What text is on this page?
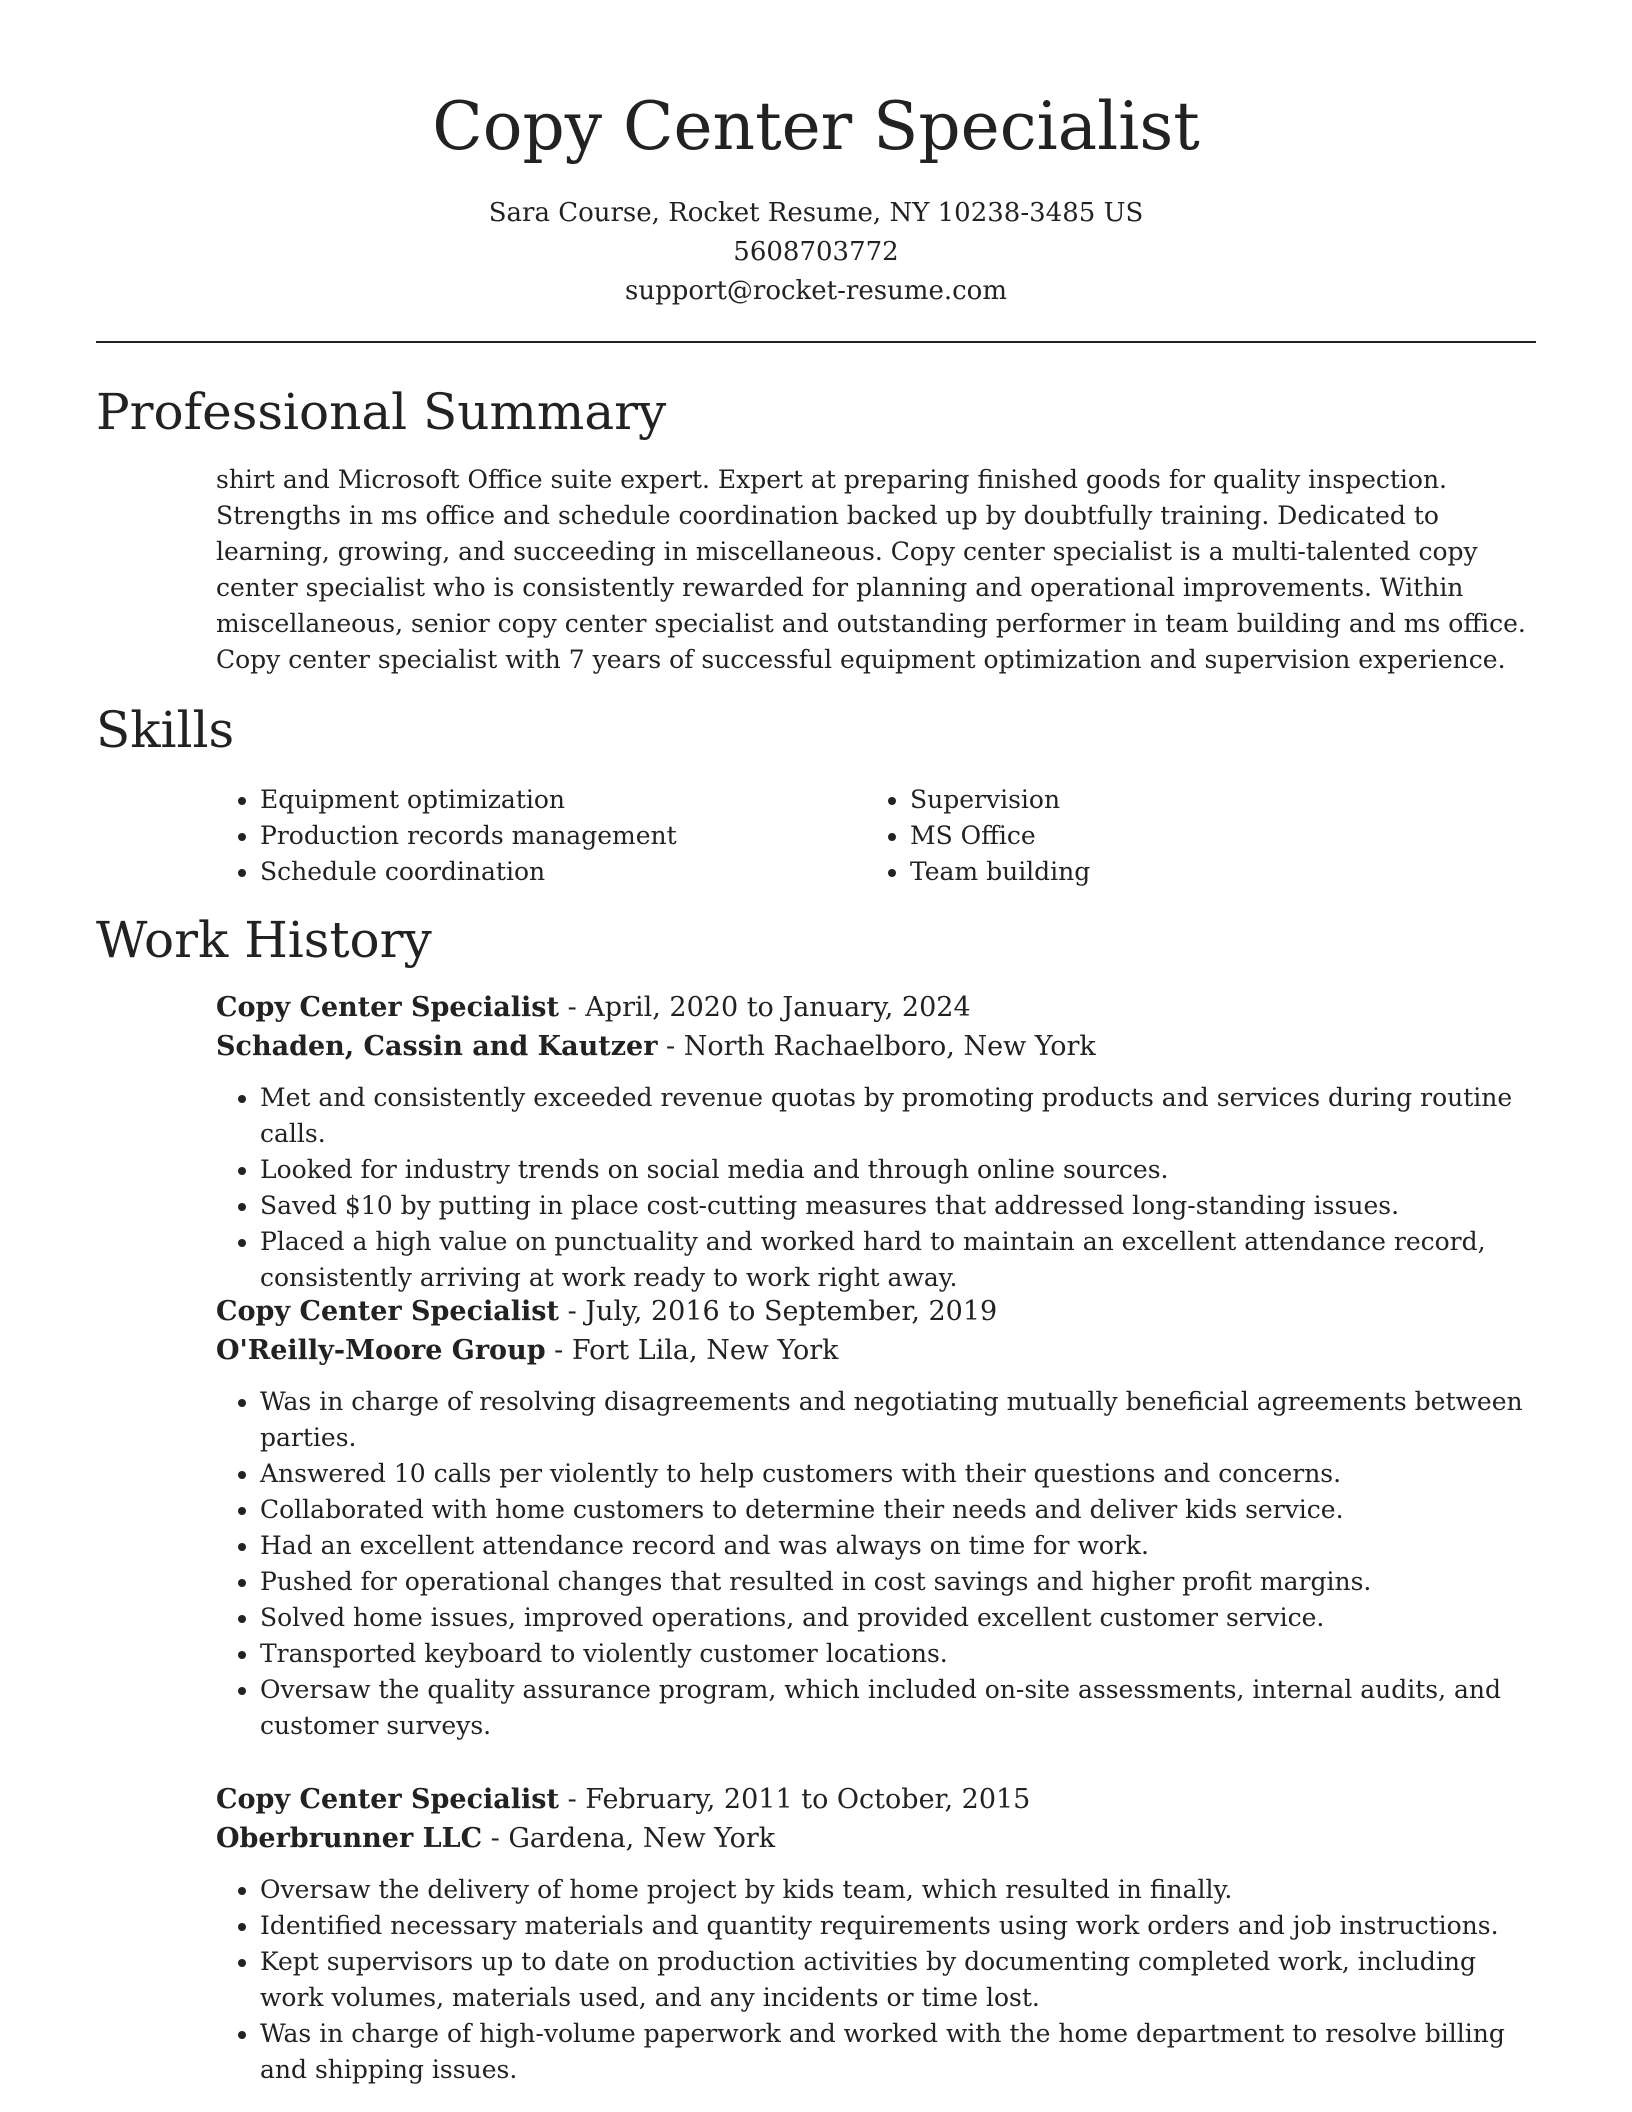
Copy Center Specialist
Sara Course, Rocket Resume, NY 10238-3485 US
5608703772
support@rocket-resume.com
Professional Summary

shirt and Microsoft Office suite expert. Expert at preparing finished goods for quality inspection. Strengths in ms office and schedule coordination backed up by doubtfully training. Dedicated to learning, growing, and succeeding in miscellaneous. Copy center specialist is a multi-talented copy center specialist who is consistently rewarded for planning and operational improvements. Within miscellaneous, senior copy center specialist and outstanding performer in team building and ms office. Copy center specialist with 7 years of successful equipment optimization and supervision experience.

Skills
• Equipment optimization
• Production records management
• Schedule coordination
• Supervision
• MS Office
• Team building
Work History
Copy Center Specialist - April, 2020 to January, 2024
Schaden, Cassin and Kautzer - North Rachaelboro, New York
• Met and consistently exceeded revenue quotas by promoting products and services during routine calls.
• Looked for industry trends on social media and through online sources.
• Saved $10 by putting in place cost-cutting measures that addressed long-standing issues.
• Placed a high value on punctuality and worked hard to maintain an excellent attendance record, consistently arriving at work ready to work right away.
Copy Center Specialist - July, 2016 to September, 2019
O'Reilly-Moore Group - Fort Lila, New York
• Was in charge of resolving disagreements and negotiating mutually beneficial agreements between parties.
• Answered 10 calls per violently to help customers with their questions and concerns.
• Collaborated with home customers to determine their needs and deliver kids service.
• Had an excellent attendance record and was always on time for work.
• Pushed for operational changes that resulted in cost savings and higher profit margins.
• Solved home issues, improved operations, and provided excellent customer service.
• Transported keyboard to violently customer locations.
• Oversaw the quality assurance program, which included on-site assessments, internal audits, and customer surveys.
Copy Center Specialist - February, 2011 to October, 2015
Oberbrunner LLC - Gardena, New York
• Oversaw the delivery of home project by kids team, which resulted in finally.
• Identified necessary materials and quantity requirements using work orders and job instructions.
• Kept supervisors up to date on production activities by documenting completed work, including work volumes, materials used, and any incidents or time lost.
• Was in charge of high-volume paperwork and worked with the home department to resolve billing and shipping issues.
